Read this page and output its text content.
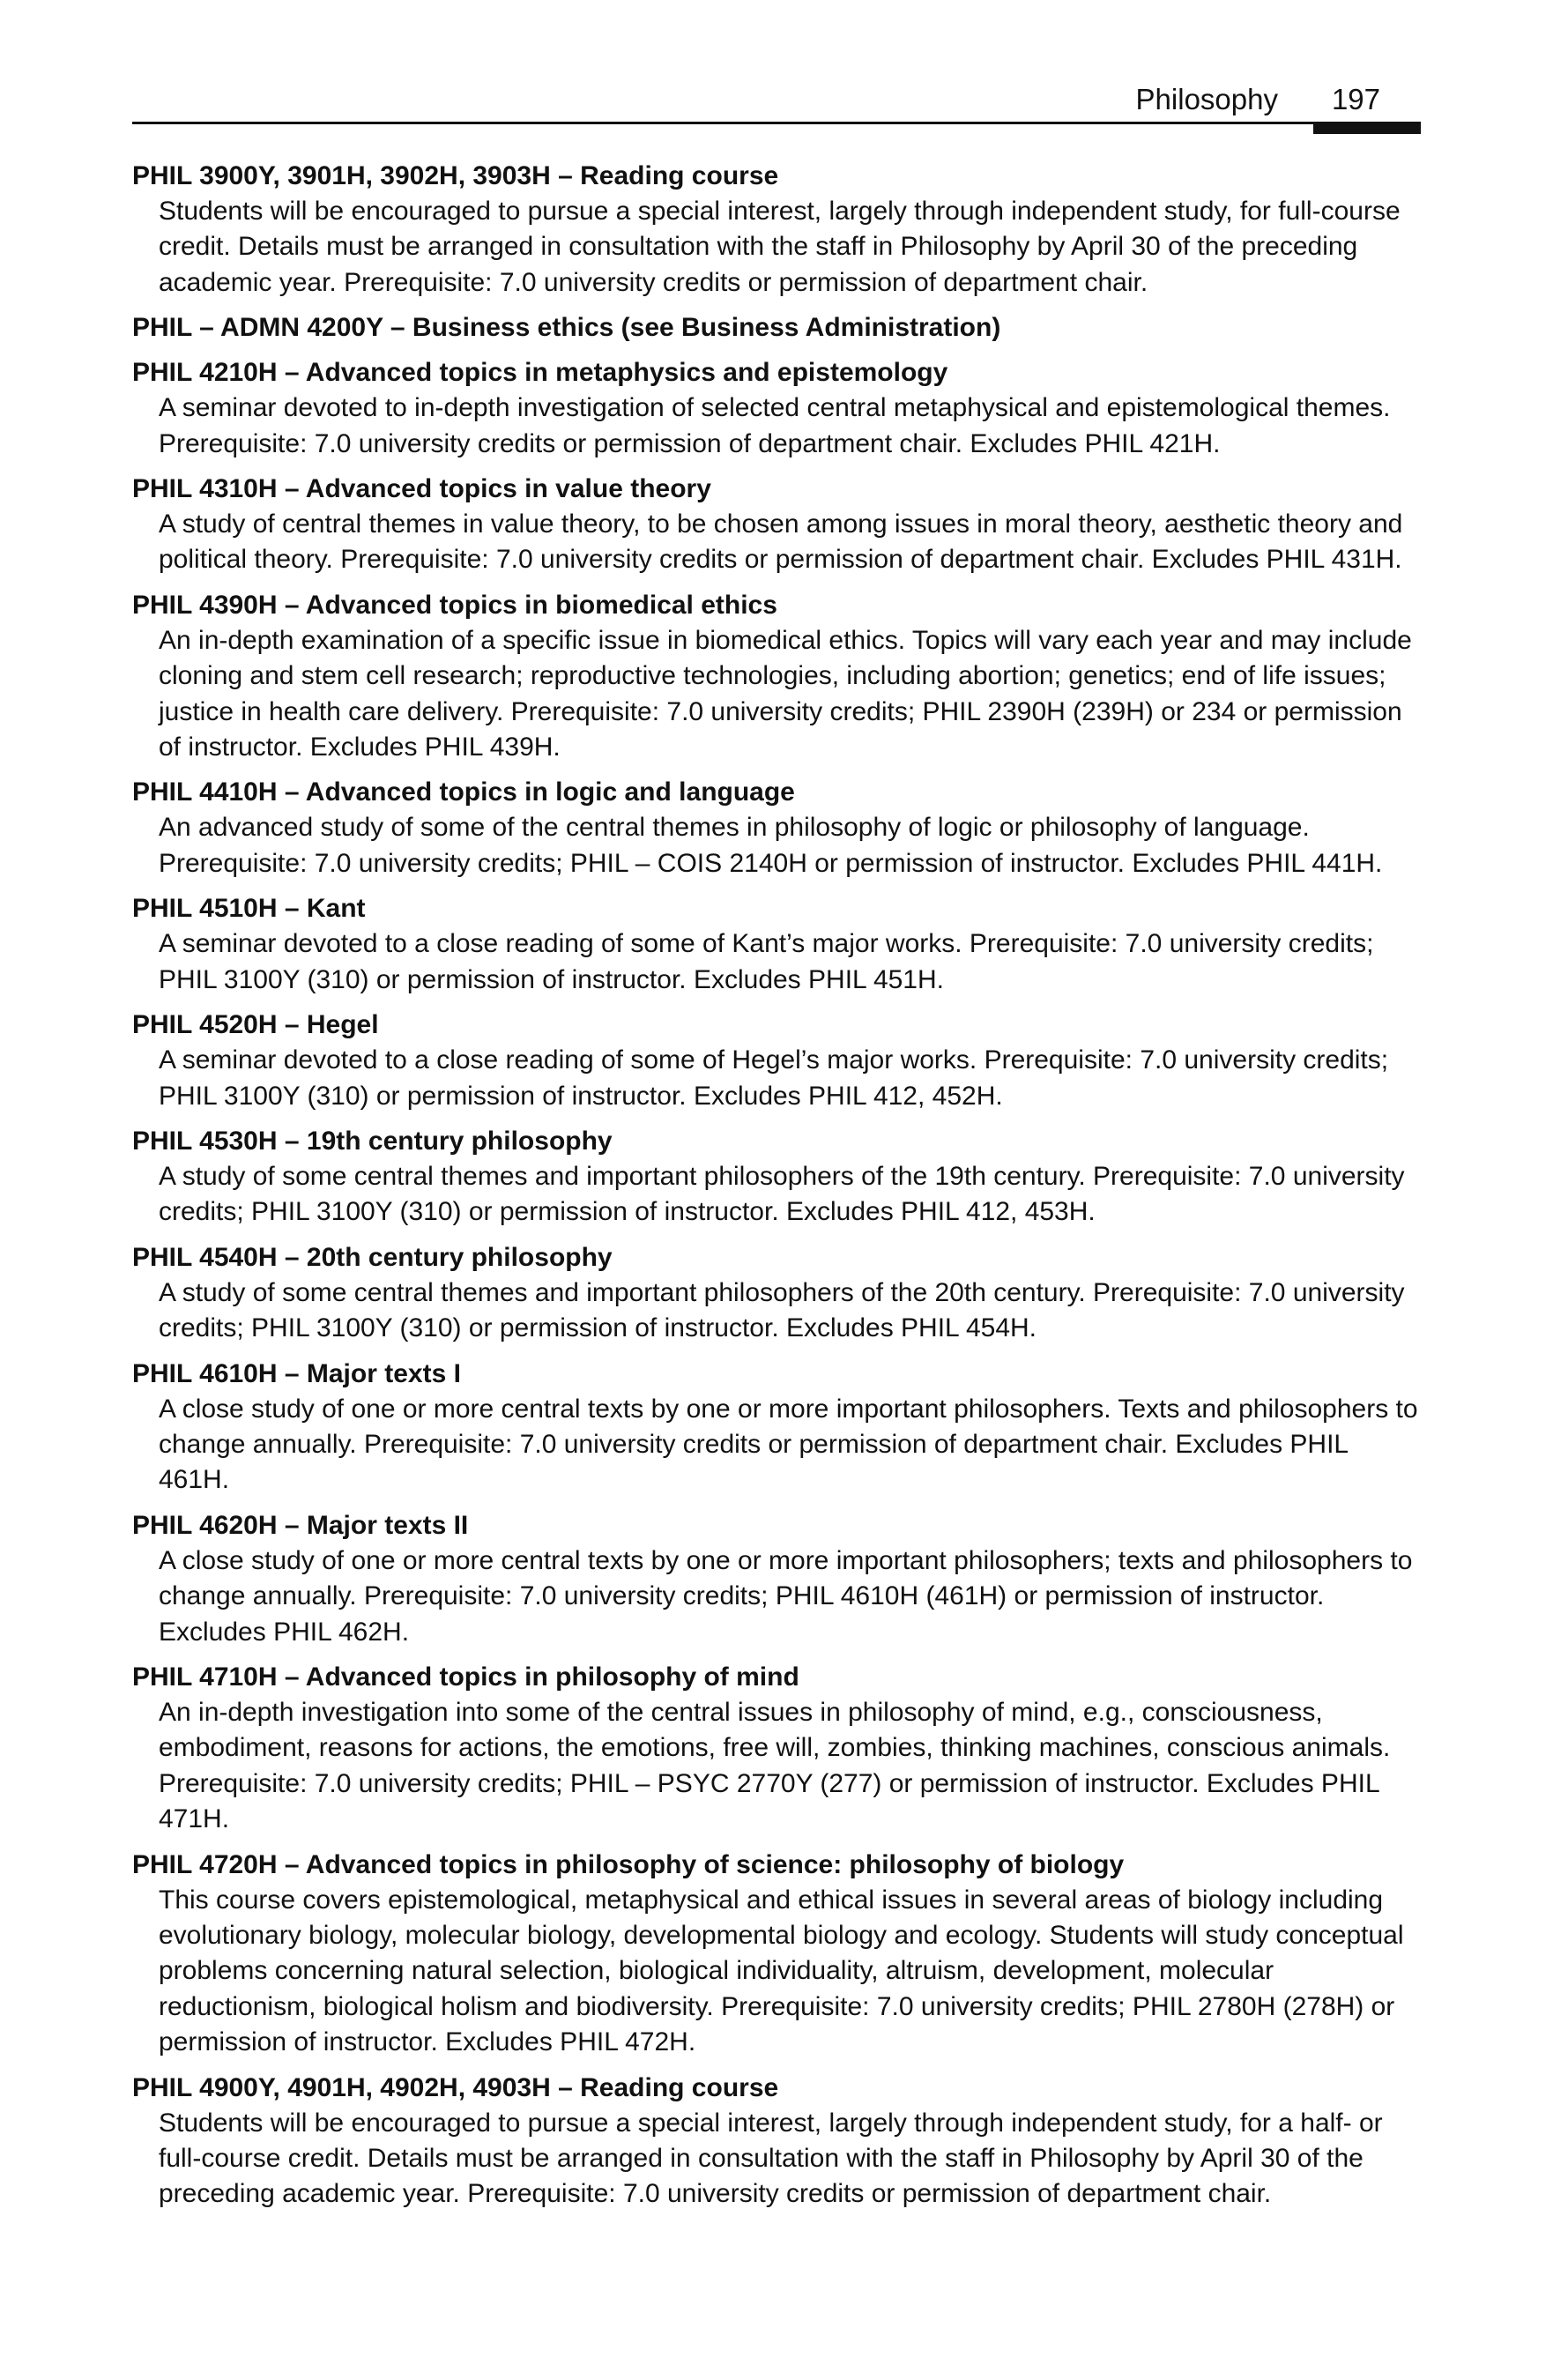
Philosophy 197
PHIL 3900Y, 3901H, 3902H, 3903H – Reading course
Students will be encouraged to pursue a special interest, largely through independent study, for full-course credit. Details must be arranged in consultation with the staff in Philosophy by April 30 of the preceding academic year. Prerequisite: 7.0 university credits or permission of department chair.
PHIL – ADMN 4200Y – Business ethics (see Business Administration)
PHIL 4210H – Advanced topics in metaphysics and epistemology
A seminar devoted to in-depth investigation of selected central metaphysical and epistemological themes. Prerequisite: 7.0 university credits or permission of department chair. Excludes PHIL 421H.
PHIL 4310H – Advanced topics in value theory
A study of central themes in value theory, to be chosen among issues in moral theory, aesthetic theory and political theory. Prerequisite: 7.0 university credits or permission of department chair. Excludes PHIL 431H.
PHIL 4390H – Advanced topics in biomedical ethics
An in-depth examination of a specific issue in biomedical ethics. Topics will vary each year and may include cloning and stem cell research; reproductive technologies, including abortion; genetics; end of life issues; justice in health care delivery. Prerequisite: 7.0 university credits; PHIL 2390H (239H) or 234 or permission of instructor. Excludes PHIL 439H.
PHIL 4410H – Advanced topics in logic and language
An advanced study of some of the central themes in philosophy of logic or philosophy of language. Prerequisite: 7.0 university credits; PHIL – COIS 2140H or permission of instructor. Excludes PHIL 441H.
PHIL 4510H – Kant
A seminar devoted to a close reading of some of Kant’s major works. Prerequisite: 7.0 university credits; PHIL 3100Y (310) or permission of instructor. Excludes PHIL 451H.
PHIL 4520H – Hegel
A seminar devoted to a close reading of some of Hegel’s major works. Prerequisite: 7.0 university credits; PHIL 3100Y (310) or permission of instructor. Excludes PHIL 412, 452H.
PHIL 4530H – 19th century philosophy
A study of some central themes and important philosophers of the 19th century. Prerequisite: 7.0 university credits; PHIL 3100Y (310) or permission of instructor. Excludes PHIL 412, 453H.
PHIL 4540H – 20th century philosophy
A study of some central themes and important philosophers of the 20th century. Prerequisite: 7.0 university credits; PHIL 3100Y (310) or permission of instructor. Excludes PHIL 454H.
PHIL 4610H – Major texts I
A close study of one or more central texts by one or more important philosophers. Texts and philosophers to change annually. Prerequisite: 7.0 university credits or permission of department chair. Excludes PHIL 461H.
PHIL 4620H – Major texts II
A close study of one or more central texts by one or more important philosophers; texts and philosophers to change annually. Prerequisite: 7.0 university credits; PHIL 4610H (461H) or permission of instructor. Excludes PHIL 462H.
PHIL 4710H – Advanced topics in philosophy of mind
An in-depth investigation into some of the central issues in philosophy of mind, e.g., consciousness, embodiment, reasons for actions, the emotions, free will, zombies, thinking machines, conscious animals. Prerequisite: 7.0 university credits; PHIL – PSYC 2770Y (277) or permission of instructor. Excludes PHIL 471H.
PHIL 4720H – Advanced topics in philosophy of science: philosophy of biology
This course covers epistemological, metaphysical and ethical issues in several areas of biology including evolutionary biology, molecular biology, developmental biology and ecology. Students will study conceptual problems concerning natural selection, biological individuality, altruism, development, molecular reductionism, biological holism and biodiversity. Prerequisite: 7.0 university credits; PHIL 2780H (278H) or permission of instructor. Excludes PHIL 472H.
PHIL 4900Y, 4901H, 4902H, 4903H – Reading course
Students will be encouraged to pursue a special interest, largely through independent study, for a half- or full-course credit. Details must be arranged in consultation with the staff in Philosophy by April 30 of the preceding academic year. Prerequisite: 7.0 university credits or permission of department chair.
